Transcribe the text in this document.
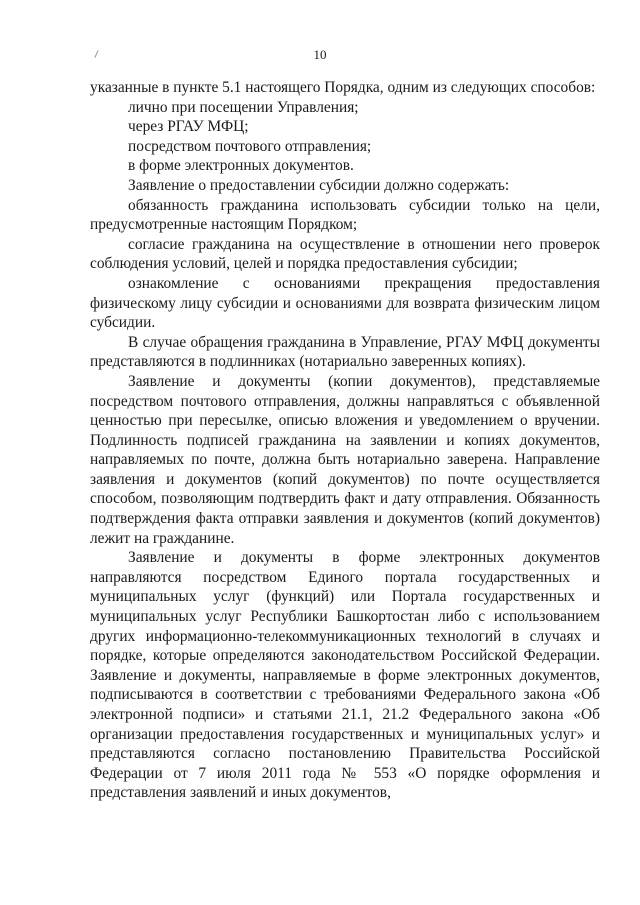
10

указанные в пункте 5.1 настоящего Порядка, одним из следующих способов:

лично при посещении Управления;

через РГАУ МФЦ;

посредством почтового отправления;

в форме электронных документов.

Заявление о предоставлении субсидии должно содержать:

обязанность гражданина использовать субсидии только на цели, предусмотренные настоящим Порядком;

согласие гражданина на осуществление в отношении него проверок соблюдения условий, целей и порядка предоставления субсидии;

ознакомление с основаниями прекращения предоставления физическому лицу субсидии и основаниями для возврата физическим лицом субсидии.

В случае обращения гражданина в Управление, РГАУ МФЦ документы представляются в подлинниках (нотариально заверенных копиях).

Заявление и документы (копии документов), представляемые посредством почтового отправления, должны направляться с объявленной ценностью при пересылке, описью вложения и уведомлением о вручении. Подлинность подписей гражданина на заявлении и копиях документов, направляемых по почте, должна быть нотариально заверена. Направление заявления и документов (копий документов) по почте осуществляется способом, позволяющим подтвердить факт и дату отправления. Обязанность подтверждения факта отправки заявления и документов (копий документов) лежит на гражданине.

Заявление и документы в форме электронных документов направляются посредством Единого портала государственных и муниципальных услуг (функций) или Портала государственных и муниципальных услуг Республики Башкортостан либо с использованием других информационно-телекоммуникационных технологий в случаях и порядке, которые определяются законодательством Российской Федерации. Заявление и документы, направляемые в форме электронных документов, подписываются в соответствии с требованиями Федерального закона «Об электронной подписи» и статьями 21.1, 21.2 Федерального закона «Об организации предоставления государственных и муниципальных услуг» и представляются согласно постановлению Правительства Российской Федерации от 7 июля 2011 года № 553 «О порядке оформления и представления заявлений и иных документов,
